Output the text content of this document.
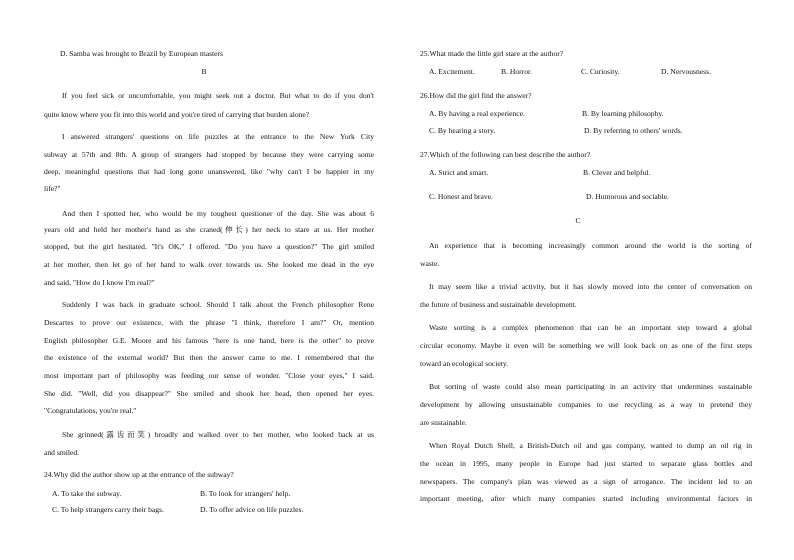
D. Samba was brought to Brazil by European masters
B
If you feel sick or uncomfortable, you might seek out a doctor. But what to do if you don't
quite know where you fit into this world and you're tired of carrying that burden alone?
I answered strangers' questions on life puzzles at the entrance to the New York City
subway at 57th and 8th. A group of strangers had stopped by because they were carrying some
deep, meaningful questions that had long gone unanswered, like "why can't I be happier in my
life?"
And then I spotted her, who would be my toughest questioner of the day. She was about 6
years old and held her mother's hand as she craned(伸长) her neck to stare at us. Her mother
stopped, but the girl hesitated. "It's OK," I offered. "Do you have a question?" The girl smiled
at her mother, then let go of her hand to walk over towards us. She looked me dead in the eye
and said, "How do I know I'm real?"
Suddenly I was back in graduate school. Should I talk about the French philosopher Rene
Descartes to prove our existence, with the phrase "I think, therefore I am?" Or, mention
English philosopher G.E. Moore and his famous "here is one hand, here is the other" to prove
the existence of the external world? But then the answer came to me. I remembered that the
most important part of philosophy was feeding our sense of wonder. "Close your eyes," I said.
She did. "Well, did you disappear?" She smiled and shook her head, then opened her eyes.
"Congratulations, you're real."
She grinned(露齿而笑) broadly and walked over to her mother, who looked back at us
and smiled.
24.Why did the author show up at the entrance of the subway?
A. To take the subway.	B. To look for strangers' help.
C. To help strangers carry their bags.	D. To offer advice on life puzzles.
25.What made the little girl stare at the author?
A. Excitement.	B. Horror.	C. Curiosity.	D. Nervousness.
26.How did the girl find the answer?
A. By having a real experience.	B. By learning philosophy.
C. By hearing a story.	D. By referring to others' words.
27.Which of the following can best describe the author?
A. Strict and smart.	B. Clever and helpful.
C. Honest and brave.	D. Humorous and sociable.
C
An experience that is becoming increasingly common around the world is the sorting of
waste.
It may seem like a trivial activity, but it has slowly moved into the center of conversation on
the future of business and sustainable development.
Waste sorting is a complex phenomenon that can be an important step toward a global
circular economy. Maybe it even will be something we will look back on as one of the first steps
toward an ecological society.
But sorting of waste could also mean participating in an activity that undermines sustainable
development by allowing unsustainable companies to use recycling as a way to pretend they
are sustainable.
When Royal Dutch Shell, a British-Dutch oil and gas company, wanted to dump an oil rig in
the ocean in 1995, many people in Europe had just started to separate glass bottles and
newspapers. The company's plan was viewed as a sign of arrogance. The incident led to an
important meeting, after which many companies started including environmental factors in
